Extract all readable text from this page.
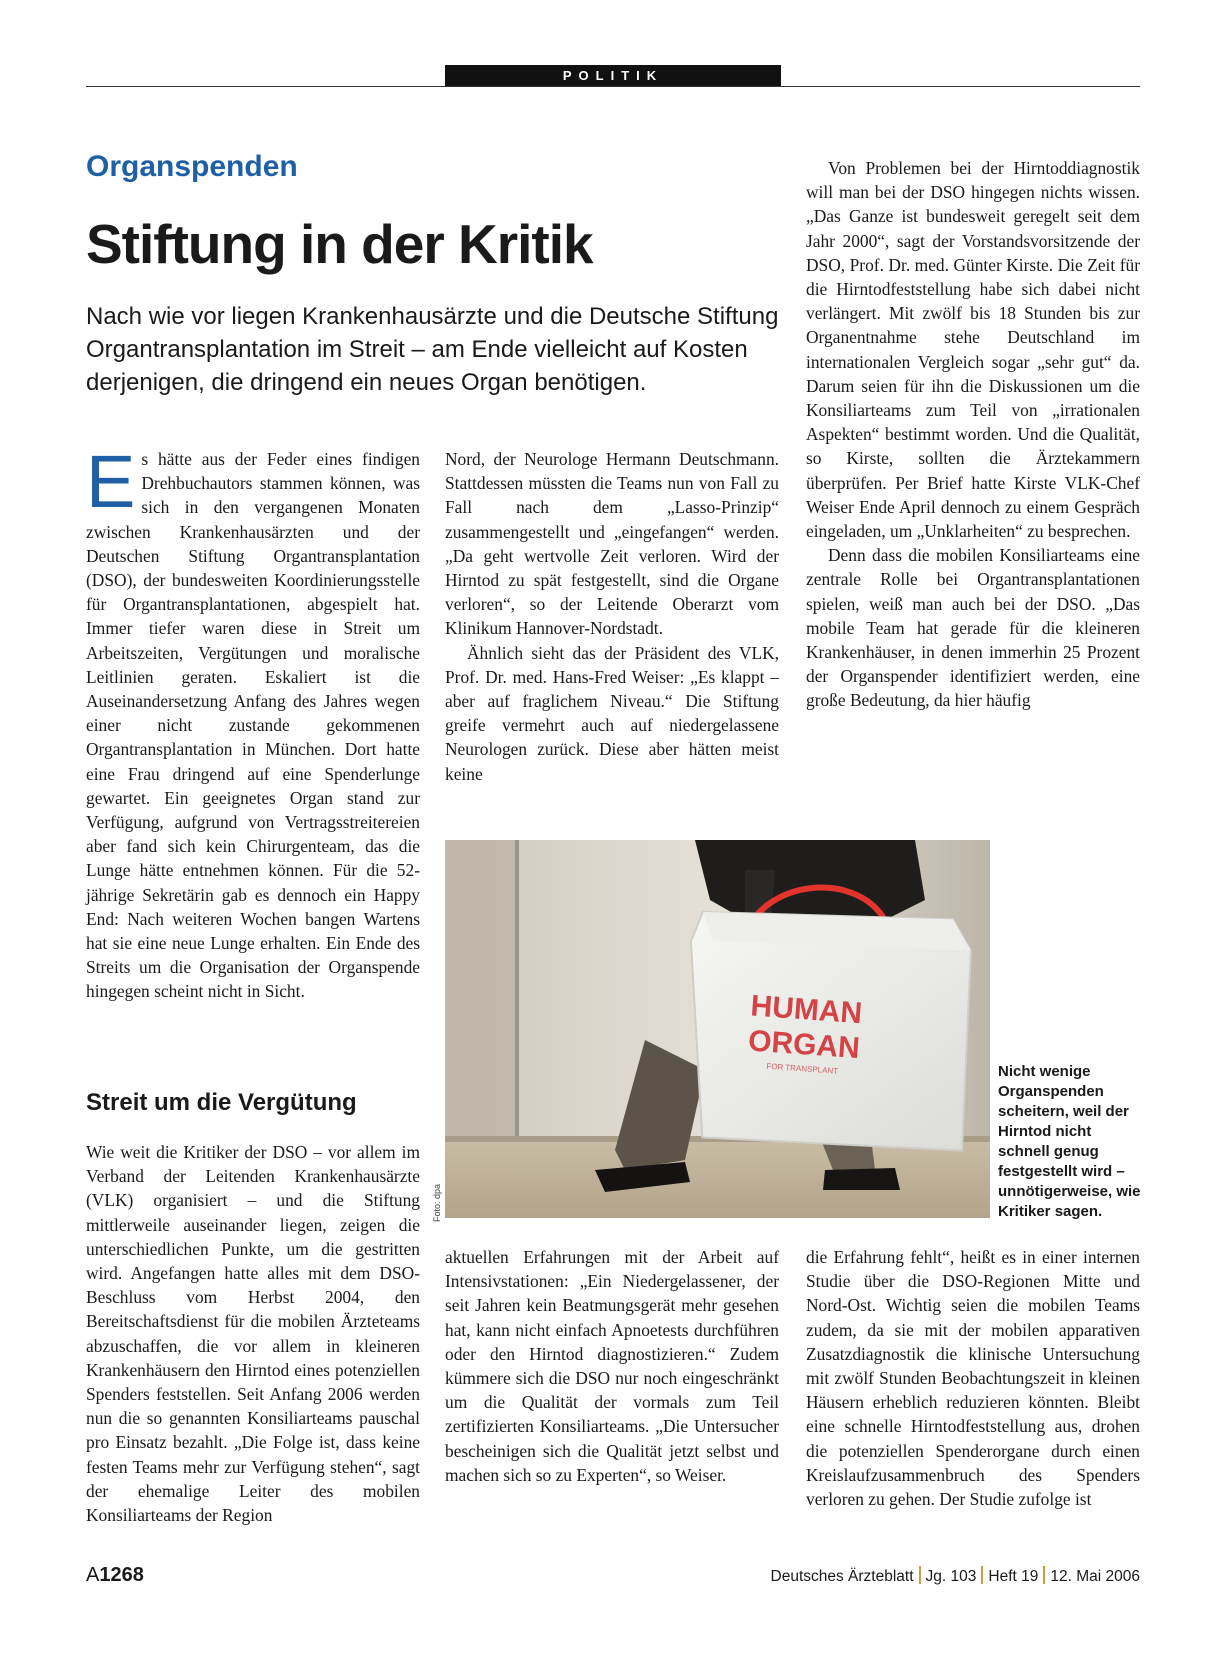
POLITIK
Organspenden
Stiftung in der Kritik
Nach wie vor liegen Krankenhausärzte und die Deutsche Stiftung Organtransplantation im Streit – am Ende vielleicht auf Kosten derjenigen, die dringend ein neues Organ benötigen.

Es hätte aus der Feder eines findigen Drehbuchautors stammen können, was sich in den vergangenen Monaten zwischen Krankenhausärzten und der Deutschen Stiftung Organtransplantation (DSO), der bundesweiten Koordinierungsstelle für Organtransplantationen, abgespielt hat. Immer tiefer waren diese in Streit um Arbeitszeiten, Vergütungen und moralische Leitlinien geraten. Eskaliert ist die Auseinandersetzung Anfang des Jahres wegen einer nicht zustande gekommenen Organtransplantation in München. Dort hatte eine Frau dringend auf eine Spenderlunge gewartet. Ein geeignetes Organ stand zur Verfügung, aufgrund von Vertragsstreitereien aber fand sich kein Chirurgenteam, das die Lunge hätte entnehmen können. Für die 52-jährige Sekretärin gab es dennoch ein Happy End: Nach weiteren Wochen bangen Wartens hat sie eine neue Lunge erhalten. Ein Ende des Streits um die Organisation der Organspende hingegen scheint nicht in Sicht.

Streit um die Vergütung

Wie weit die Kritiker der DSO – vor allem im Verband der Leitenden Krankenhausärzte (VLK) organisiert – und die Stiftung mittlerweile auseinander liegen, zeigen die unterschiedlichen Punkte, um die gestritten wird. Angefangen hatte alles mit dem DSO-Beschluss vom Herbst 2004, den Bereitschaftsdienst für die mobilen Ärzteteams abzuschaffen, die vor allem in kleineren Krankenhäusern den Hirntod eines potenziellen Spenders feststellen. Seit Anfang 2006 werden nun die so genannten Konsiliarteams pauschal pro Einsatz bezahlt. „Die Folge ist, dass keine festen Teams mehr zur Verfügung stehen“, sagt der ehemalige Leiter des mobilen Konsiliarteams der Region

Nord, der Neurologe Hermann Deutschmann. Stattdessen müssten die Teams nun von Fall zu Fall nach dem „Lasso-Prinzip“ zusammengestellt und „eingefangen“ werden. „Da geht wertvolle Zeit verloren. Wird der Hirntod zu spät festgestellt, sind die Organe verloren“, so der Leitende Oberarzt vom Klinikum Hannover-Nordstadt.

Ähnlich sieht das der Präsident des VLK, Prof. Dr. med. Hans-Fred Weiser: „Es klappt – aber auf fraglichem Niveau.“ Die Stiftung greife vermehrt auch auf niedergelassene Neurologen zurück. Diese aber hätten meist keine

aktuellen Erfahrungen mit der Arbeit auf Intensivstationen: „Ein Niedergelassener, der seit Jahren kein Beatmungsgerät mehr gesehen hat, kann nicht einfach Apnoetests durchführen oder den Hirntod diagnostizieren.“ Zudem kümmere sich die DSO nur noch eingeschränkt um die Qualität der vormals zum Teil zertifizierten Konsiliarteams. „Die Untersucher bescheinigen sich die Qualität jetzt selbst und machen sich so zu Experten“, so Weiser.

Von Problemen bei der Hirntoddiagnostik will man bei der DSO hingegen nichts wissen. „Das Ganze ist bundesweit geregelt seit dem Jahr 2000“, sagt der Vorstandsvorsitzende der DSO, Prof. Dr. med. Günter Kirste. Die Zeit für die Hirntodfeststellung habe sich dabei nicht verlängert. Mit zwölf bis 18 Stunden bis zur Organentnahme stehe Deutschland im internationalen Vergleich sogar „sehr gut“ da. Darum seien für ihn die Diskussionen um die Konsiliarteams zum Teil von „irrationalen Aspekten“ bestimmt worden. Und die Qualität, so Kirste, sollten die Ärztekammern überprüfen. Per Brief hatte Kirste VLK-Chef Weiser Ende April dennoch zu einem Gespräch eingeladen, um „Unklarheiten“ zu besprechen.

Denn dass die mobilen Konsiliarteams eine zentrale Rolle bei Organtransplantationen spielen, weiß man auch bei der DSO. „Das mobile Team hat gerade für die kleineren Krankenhäuser, in denen immerhin 25 Prozent der Organspender identifiziert werden, eine große Bedeutung, da hier häufig

die Erfahrung fehlt“, heißt es in einer internen Studie über die DSO-Regionen Mitte und Nord-Ost. Wichtig seien die mobilen Teams zudem, da sie mit der mobilen apparativen Zusatzdiagnostik die klinische Untersuchung mit zwölf Stunden Beobachtungszeit in kleinen Häusern erheblich reduzieren könnten. Bleibt eine schnelle Hirntodfeststellung aus, drohen die potenziellen Spenderorgane durch einen Kreislaufzusammenbruch des Spenders verloren zu gehen. Der Studie zufolge ist

HUMAN
ORGAN
FOR TRANSPLANT
Foto: dpa
Nicht wenige Organspenden scheitern, weil der Hirntod nicht schnell genug festgestellt wird – unnötigerweise, wie Kritiker sagen.
A1268	Deutsches Ärzteblatt Jg. 103 Heft 19 12. Mai 2006
